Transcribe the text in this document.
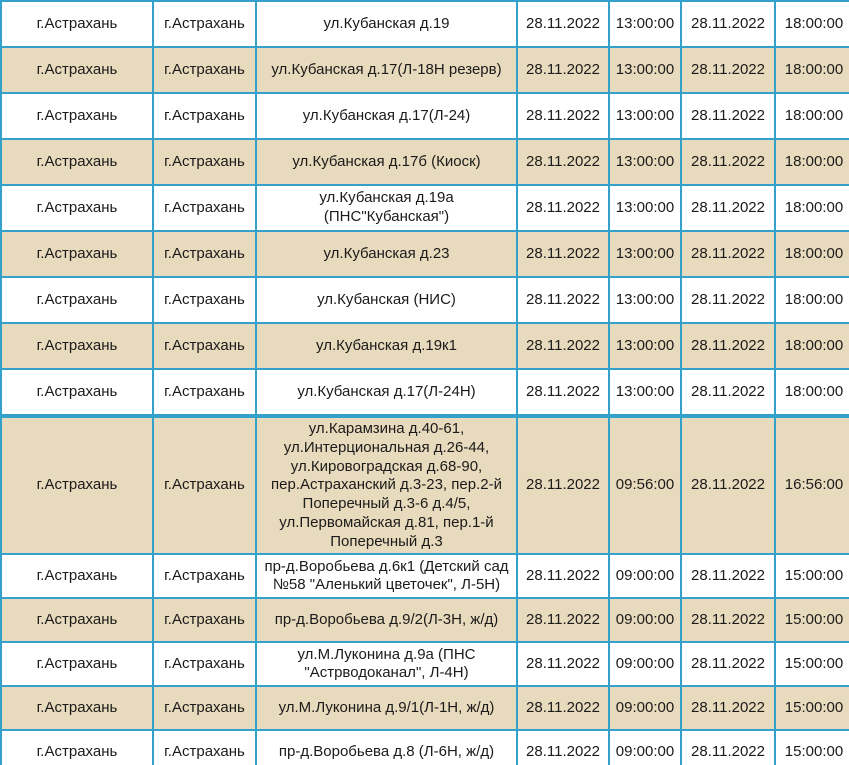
г.Астрахань	г.Астрахань	ул.Кубанская д.19	28.11.2022	13:00:00	28.11.2022	18:00:00
г.Астрахань	г.Астрахань	ул.Кубанская д.17(Л-18Н резерв)	28.11.2022	13:00:00	28.11.2022	18:00:00
г.Астрахань	г.Астрахань	ул.Кубанская д.17(Л-24)	28.11.2022	13:00:00	28.11.2022	18:00:00
г.Астрахань	г.Астрахань	ул.Кубанская д.17б (Киоск)	28.11.2022	13:00:00	28.11.2022	18:00:00
г.Астрахань	г.Астрахань	ул.Кубанская д.19а (ПНС"Кубанская")	28.11.2022	13:00:00	28.11.2022	18:00:00
г.Астрахань	г.Астрахань	ул.Кубанская д.23	28.11.2022	13:00:00	28.11.2022	18:00:00
г.Астрахань	г.Астрахань	ул.Кубанская (НИС)	28.11.2022	13:00:00	28.11.2022	18:00:00
г.Астрахань	г.Астрахань	ул.Кубанская д.19к1	28.11.2022	13:00:00	28.11.2022	18:00:00
г.Астрахань	г.Астрахань	ул.Кубанская д.17(Л-24Н)	28.11.2022	13:00:00	28.11.2022	18:00:00
г.Астрахань	г.Астрахань	ул.Карамзина д.40-61, ул.Интерциональная д.26-44, ул.Кировоградская д.68-90, пер.Астраханский д.3-23, пер.2-й Поперечный д.3-6 д.4/5, ул.Первомайская д.81, пер.1-й Поперечный д.3	28.11.2022	09:56:00	28.11.2022	16:56:00
г.Астрахань	г.Астрахань	пр-д.Воробьева д.6к1 (Детский сад №58 "Аленький цветочек", Л-5Н)	28.11.2022	09:00:00	28.11.2022	15:00:00
г.Астрахань	г.Астрахань	пр-д.Воробьева д.9/2(Л-3Н, ж/д)	28.11.2022	09:00:00	28.11.2022	15:00:00
г.Астрахань	г.Астрахань	ул.М.Луконина д.9а (ПНС "Астрводоканал", Л-4Н)	28.11.2022	09:00:00	28.11.2022	15:00:00
г.Астрахань	г.Астрахань	ул.М.Луконина д.9/1(Л-1Н, ж/д)	28.11.2022	09:00:00	28.11.2022	15:00:00
г.Астрахань	г.Астрахань	пр-д.Воробьева д.8 (Л-6Н, ж/д)	28.11.2022	09:00:00	28.11.2022	15:00:00
